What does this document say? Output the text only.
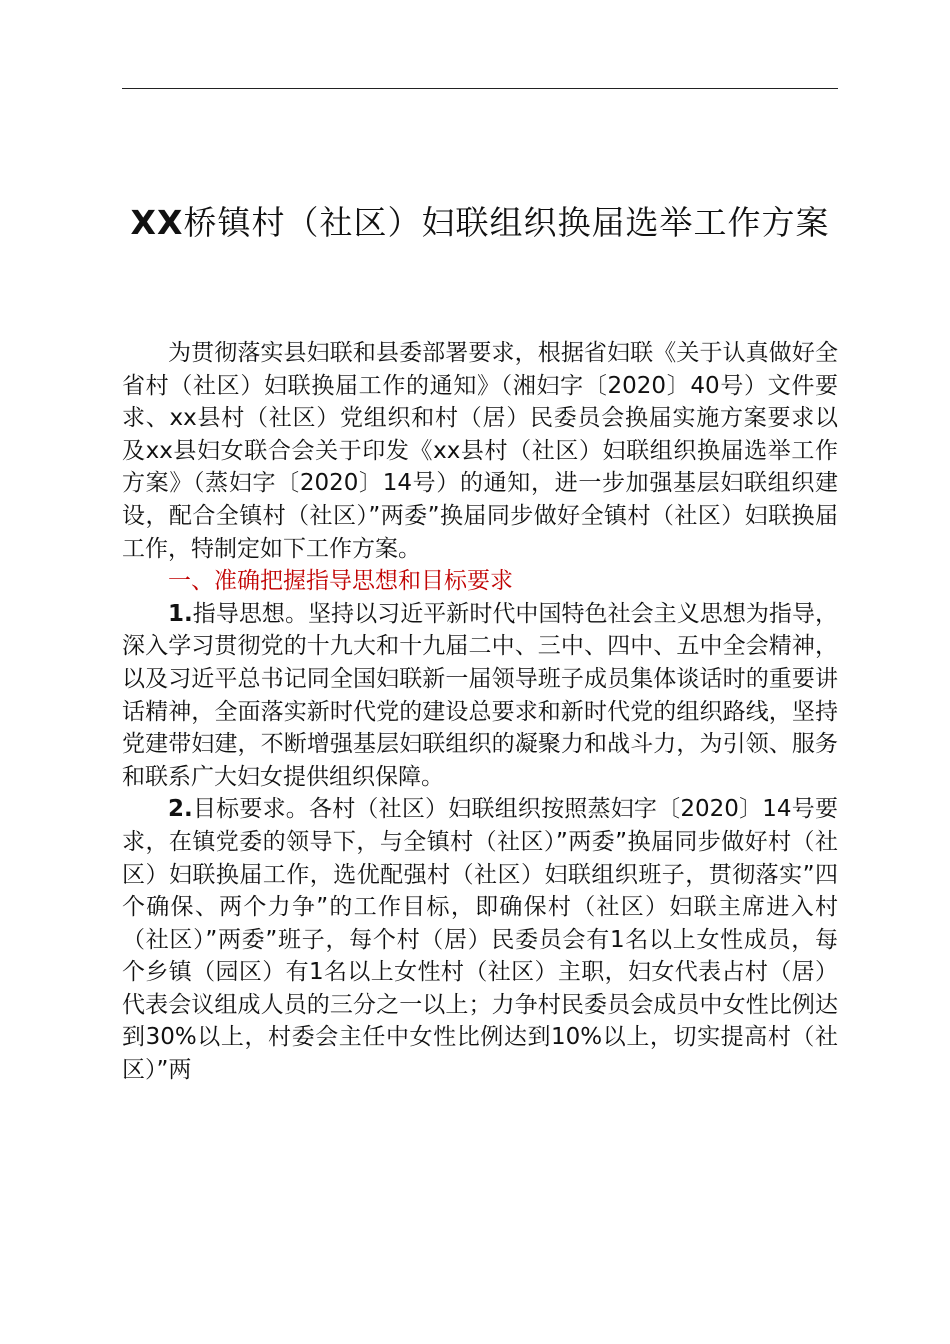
XX桥镇村（社区）妇联组织换届选举工作方案

为贯彻落实县妇联和县委部署要求，根据省妇联《关于认真做好全省村（社区）妇联换届工作的通知》（湘妇字〔2020〕40号）文件要求、xx县村（社区）党组织和村（居）民委员会换届实施方案要求以及xx县妇女联合会关于印发《xx县村（社区）妇联组织换届选举工作方案》（蒸妇字〔2020〕14号）的通知，进一步加强基层妇联组织建设，配合全镇村（社区）”两委”换届同步做好全镇村（社区）妇联换届工作，特制定如下工作方案。

一、准确把握指导思想和目标要求

1.指导思想。坚持以习近平新时代中国特色社会主义思想为指导，深入学习贯彻党的十九大和十九届二中、三中、四中、五中全会精神，以及习近平总书记同全国妇联新一届领导班子成员集体谈话时的重要讲话精神，全面落实新时代党的建设总要求和新时代党的组织路线，坚持党建带妇建，不断增强基层妇联组织的凝聚力和战斗力，为引领、服务和联系广大妇女提供组织保障。

2.目标要求。各村（社区）妇联组织按照蒸妇字〔2020〕14号要求，在镇党委的领导下，与全镇村（社区）”两委”换届同步做好村（社区）妇联换届工作，选优配强村（社区）妇联组织班子，贯彻落实”四个确保、两个力争”的工作目标，即确保村（社区）妇联主席进入村（社区）”两委”班子，每个村（居）民委员会有1名以上女性成员，每个乡镇（园区）有1名以上女性村（社区）主职，妇女代表占村（居）代表会议组成人员的三分之一以上；力争村民委员会成员中女性比例达到30%以上，村委会主任中女性比例达到10%以上，切实提高村（社区）”两
